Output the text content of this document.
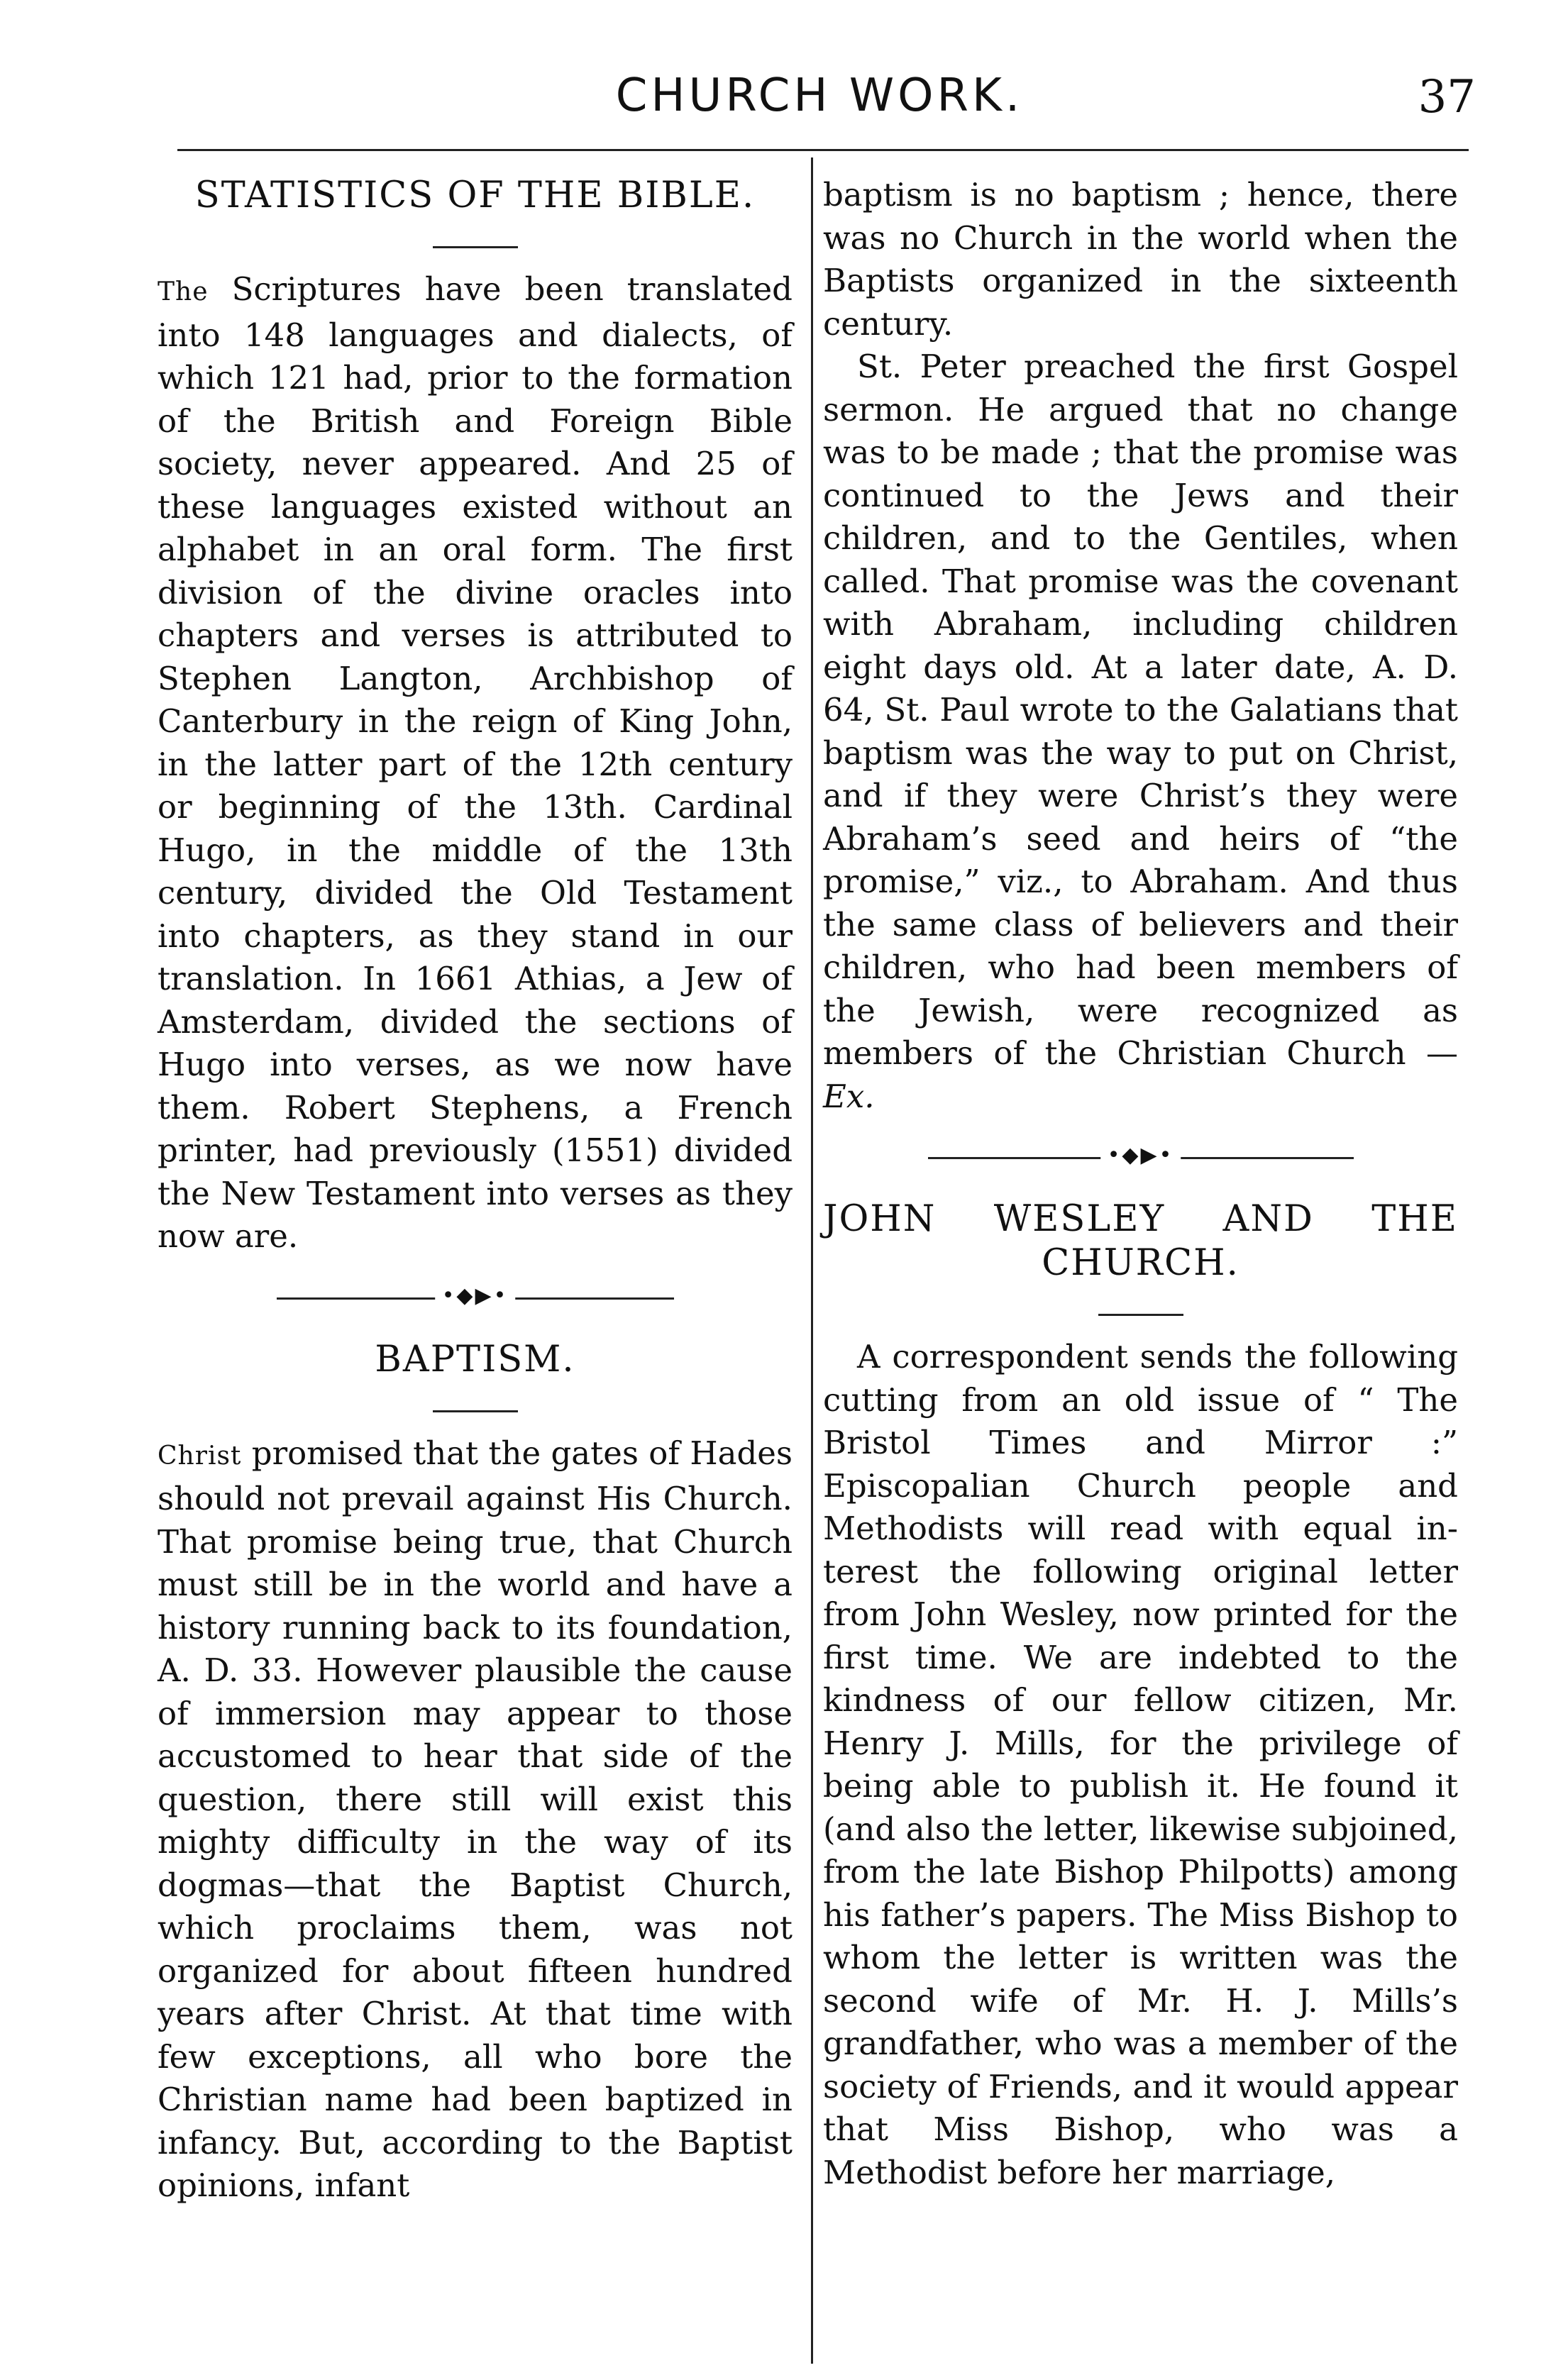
CHURCH WORK.	37
STATISTICS OF THE BIBLE.

The Scriptures have been translated into 148 languages and dialects, of which 121 had, prior to the formation of the British and Foreign Bible society, never appeared. And 25 of these languages existed without an alphabet in an oral form. The first division of the divine oracles into chapters and verses is attributed to Stephen Langton, Archbishop of Canterbury in the reign of King John, in the latter part of the 12th century or beginning of the 13th. Cardinal Hugo, in the middle of the 13th century, divided the Old Testament into chapters, as they stand in our translation. In 1661 Athias, a Jew of Amsterdam, divided the sections of Hugo into verses, as we now have them. Robert Stephens, a French printer, had previously (1551) divided the New Testament into verses as they now are.

•◆▶•
BAPTISM.

Christ promised that the gates of Hades should not prevail against His Church. That promise being true, that Church must still be in the world and have a history running back to its foundation, A. D. 33. However plausible the cause of immersion may appear to those accustomed to hear that side of the question, there still will exist this mighty difficulty in the way of its dogmas—that the Baptist Church, which proclaims them, was not organized for about fifteen hundred years after Christ. At that time with few exceptions, all who bore the Christian name had been baptized in infancy. But, according to the Baptist opinions, infant

baptism is no baptism ; hence, there was no Church in the world when the Baptists organized in the sixteenth century.

St. Peter preached the first Gospel sermon. He argued that no change was to be made ; that the promise was continued to the Jews and their children, and to the Gentiles, when called. That promise was the covenant with Abraham, including children eight days old. At a later date, A. D. 64, St. Paul wrote to the Galatians that baptism was the way to put on Christ, and if they were Christ’s they were Abraham’s seed and heirs of “the promise,” viz., to Abraham. And thus the same class of believers and their children, who had been members of the Jewish, were recognized as members of the Christian Church —Ex.

•◆▶•
JOHN WESLEY AND THE CHURCH.

A correspondent sends the following cutting from an old issue of “ The Bristol Times and Mirror :” Episcopalian Church people and Methodists will read with equal interest the following original letter from John Wesley, now printed for the first time. We are indebted to the kindness of our fellow citizen, Mr. Henry J. Mills, for the privilege of being able to publish it. He found it (and also the letter, likewise subjoined, from the late Bishop Philpotts) among his father’s papers. The Miss Bishop to whom the letter is written was the second wife of Mr. H. J. Mills’s grandfather, who was a member of the society of Friends, and it would appear that Miss Bishop, who was a Methodist before her marriage,
